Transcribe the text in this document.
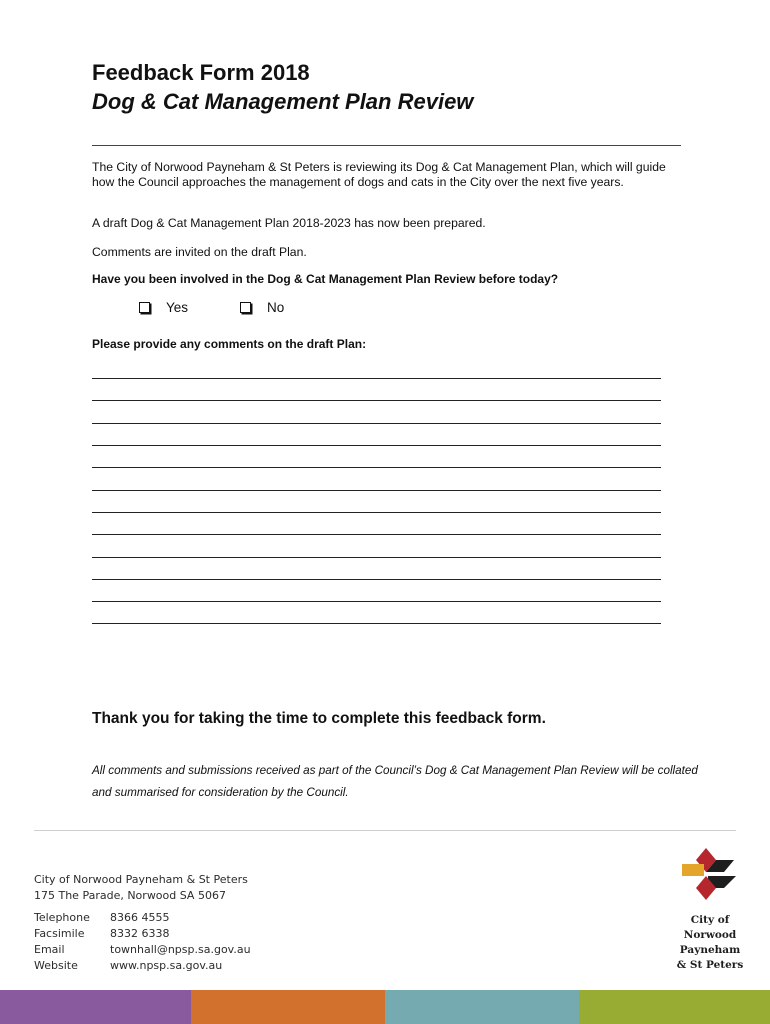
Feedback Form 2018
Dog & Cat Management Plan Review
The City of Norwood Payneham & St Peters is reviewing its Dog & Cat Management Plan, which will guide how the Council approaches the management of dogs and cats in the City over the next five years.
A draft Dog & Cat Management Plan 2018-2023 has now been prepared.
Comments are invited on the draft Plan.
Have you been involved in the Dog & Cat Management Plan Review before today?
Yes	No
Please provide any comments on the draft Plan:
Thank you for taking the time to complete this feedback form.
All comments and submissions received as part of the Council’s Dog & Cat Management Plan Review will be collated and summarised for consideration by the Council.
City of Norwood Payneham & St Peters
175 The Parade, Norwood SA 5067
Telephone 8366 4555
Facsimile 8332 6338
Email	townhall@npsp.sa.gov.au
Website	www.npsp.sa.gov.au
City of
Norwood
Payneham
& St Peters
